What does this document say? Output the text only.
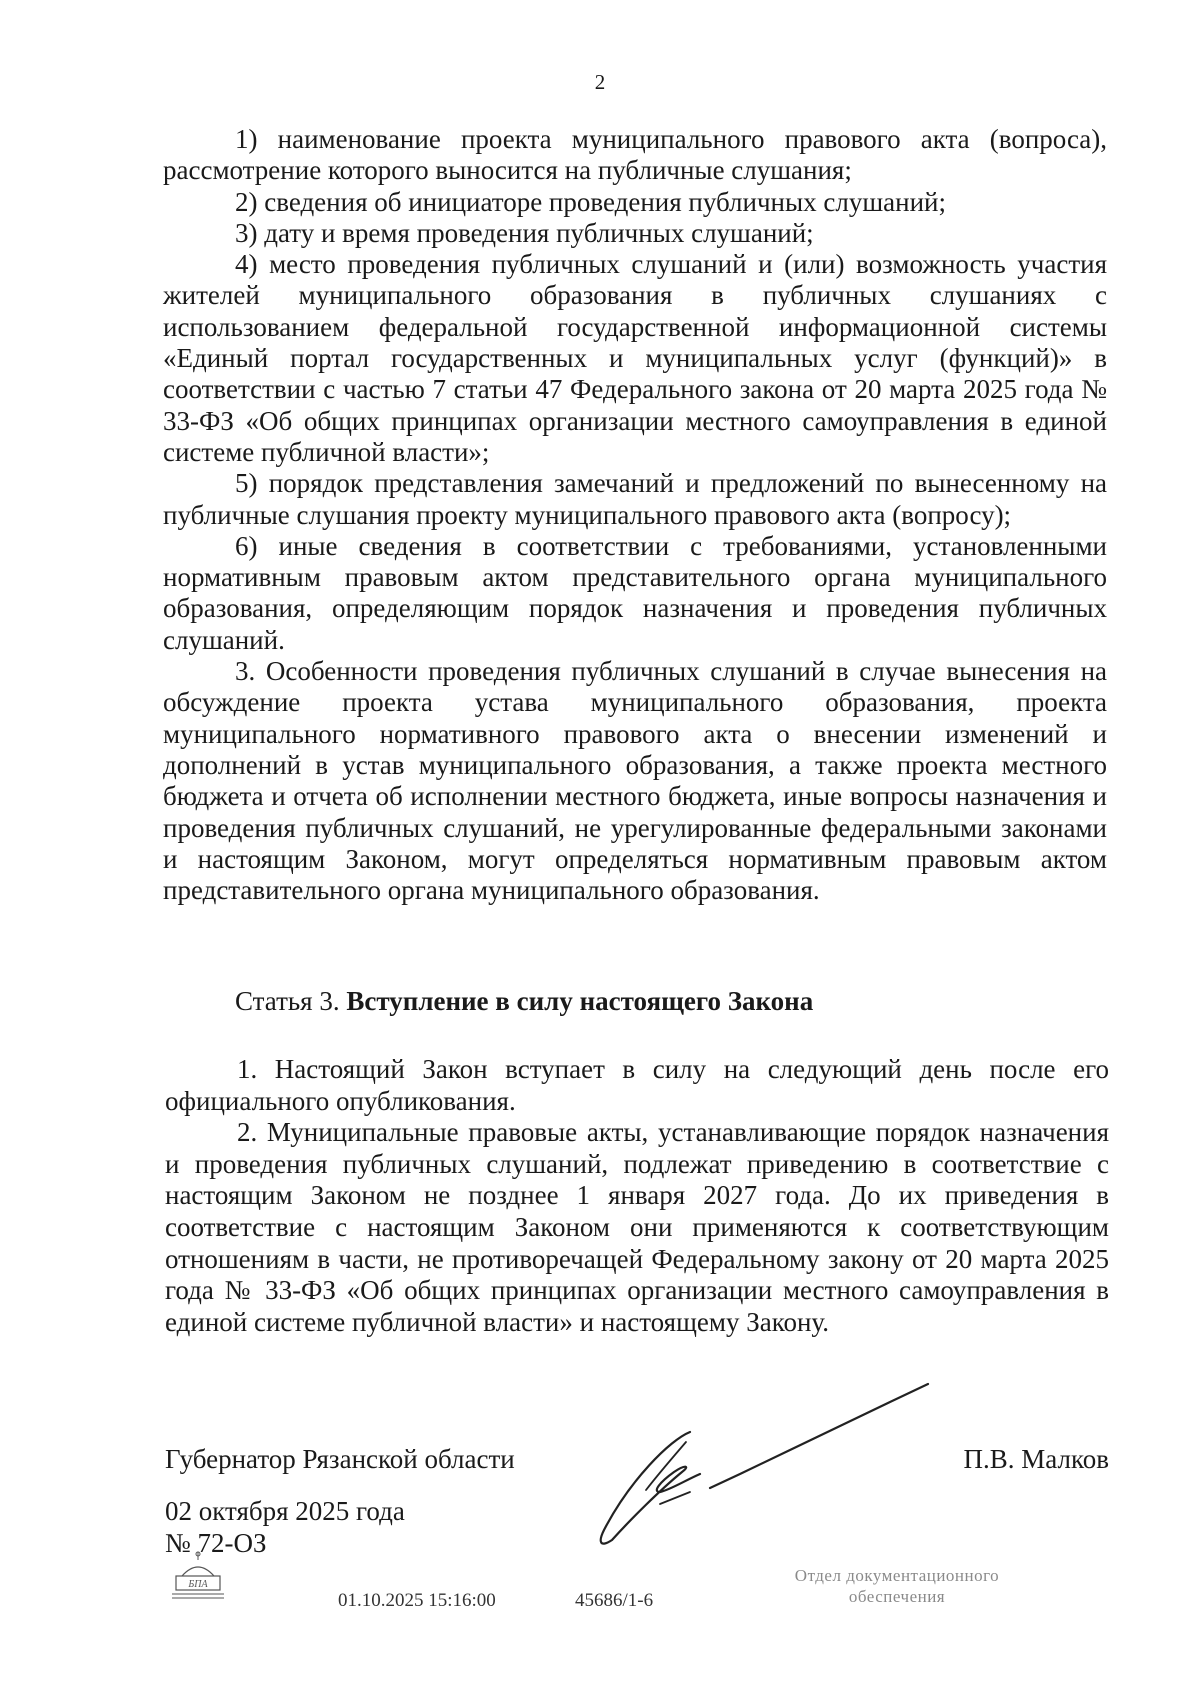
2

1) наименование проекта муниципального правового акта (вопроса), рассмотрение которого выносится на публичные слушания;

2) сведения об инициаторе проведения публичных слушаний;

3) дату и время проведения публичных слушаний;

4) место проведения публичных слушаний и (или) возможность участия жителей муниципального образования в публичных слушаниях с использованием федеральной государственной информационной системы «Единый портал государственных и муниципальных услуг (функций)» в соответствии с частью 7 статьи 47 Федерального закона от 20 марта 2025 года № 33-ФЗ «Об общих принципах организации местного самоуправления в единой системе публичной власти»;

5) порядок представления замечаний и предложений по вынесенному на публичные слушания проекту муниципального правового акта (вопросу);

6) иные сведения в соответствии с требованиями, установленными нормативным правовым актом представительного органа муниципального образования, определяющим порядок назначения и проведения публичных слушаний.

3. Особенности проведения публичных слушаний в случае вынесения на обсуждение проекта устава муниципального образования, проекта муниципального нормативного правового акта о внесении изменений и дополнений в устав муниципального образования, а также проекта местного бюджета и отчета об исполнении местного бюджета, иные вопросы назначения и проведения публичных слушаний, не урегулированные федеральными законами и настоящим Законом, могут определяться нормативным правовым актом представительного органа муниципального образования.

Статья 3. Вступление в силу настоящего Закона

1. Настоящий Закон вступает в силу на следующий день после его официального опубликования.

2. Муниципальные правовые акты, устанавливающие порядок назначения и проведения публичных слушаний, подлежат приведению в соответствие с настоящим Законом не позднее 1 января 2027 года. До их приведения в соответствие с настоящим Законом они применяются к соответствующим отношениям в части, не противоречащей Федеральному закону от 20 марта 2025 года № 33-ФЗ «Об общих принципах организации местного самоуправления в единой системе публичной власти» и настоящему Закону.

Губернатор Рязанской области	П.В. Малков
02 октября 2025 года
№ 72-ОЗ
БПА	Отдел документационного
обеспечения
01.10.2025 15:16:00	45686/1-6
